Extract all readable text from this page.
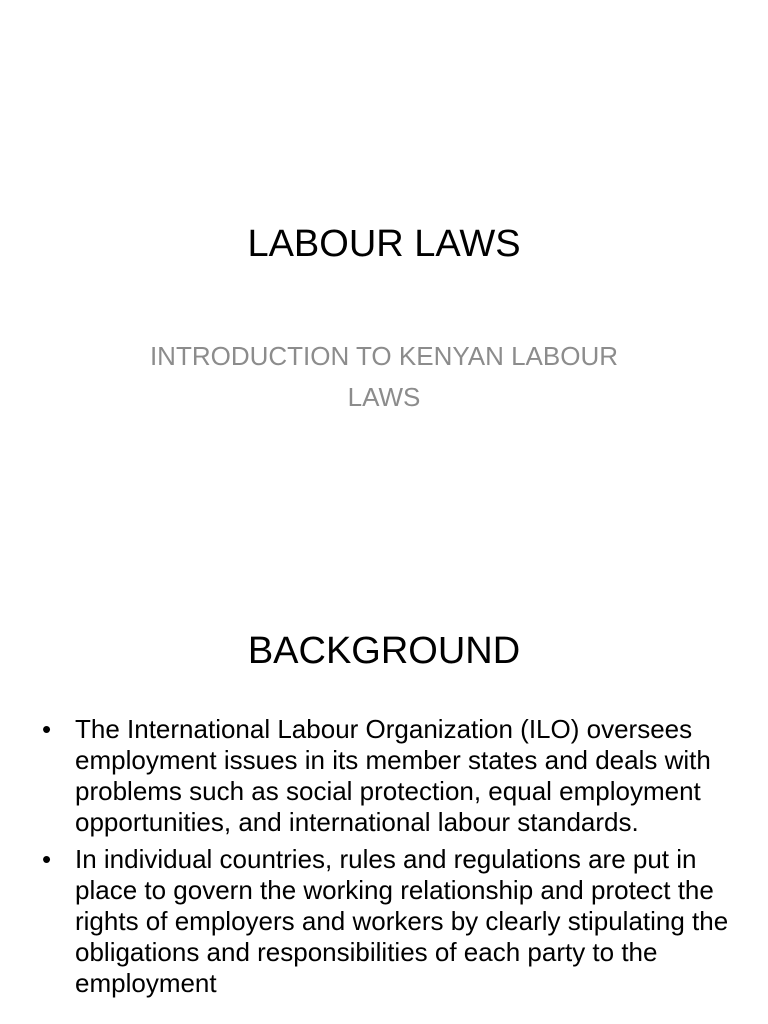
LABOUR LAWS

INTRODUCTION TO KENYAN LABOUR LAWS

BACKGROUND
• The International Labour Organization (ILO) oversees employment issues in its member states and deals with problems such as social protection, equal employment opportunities, and international labour standards.
• In individual countries, rules and regulations are put in place to govern the working relationship and protect the rights of employers and workers by clearly stipulating the obligations and responsibilities of each party to the employment
